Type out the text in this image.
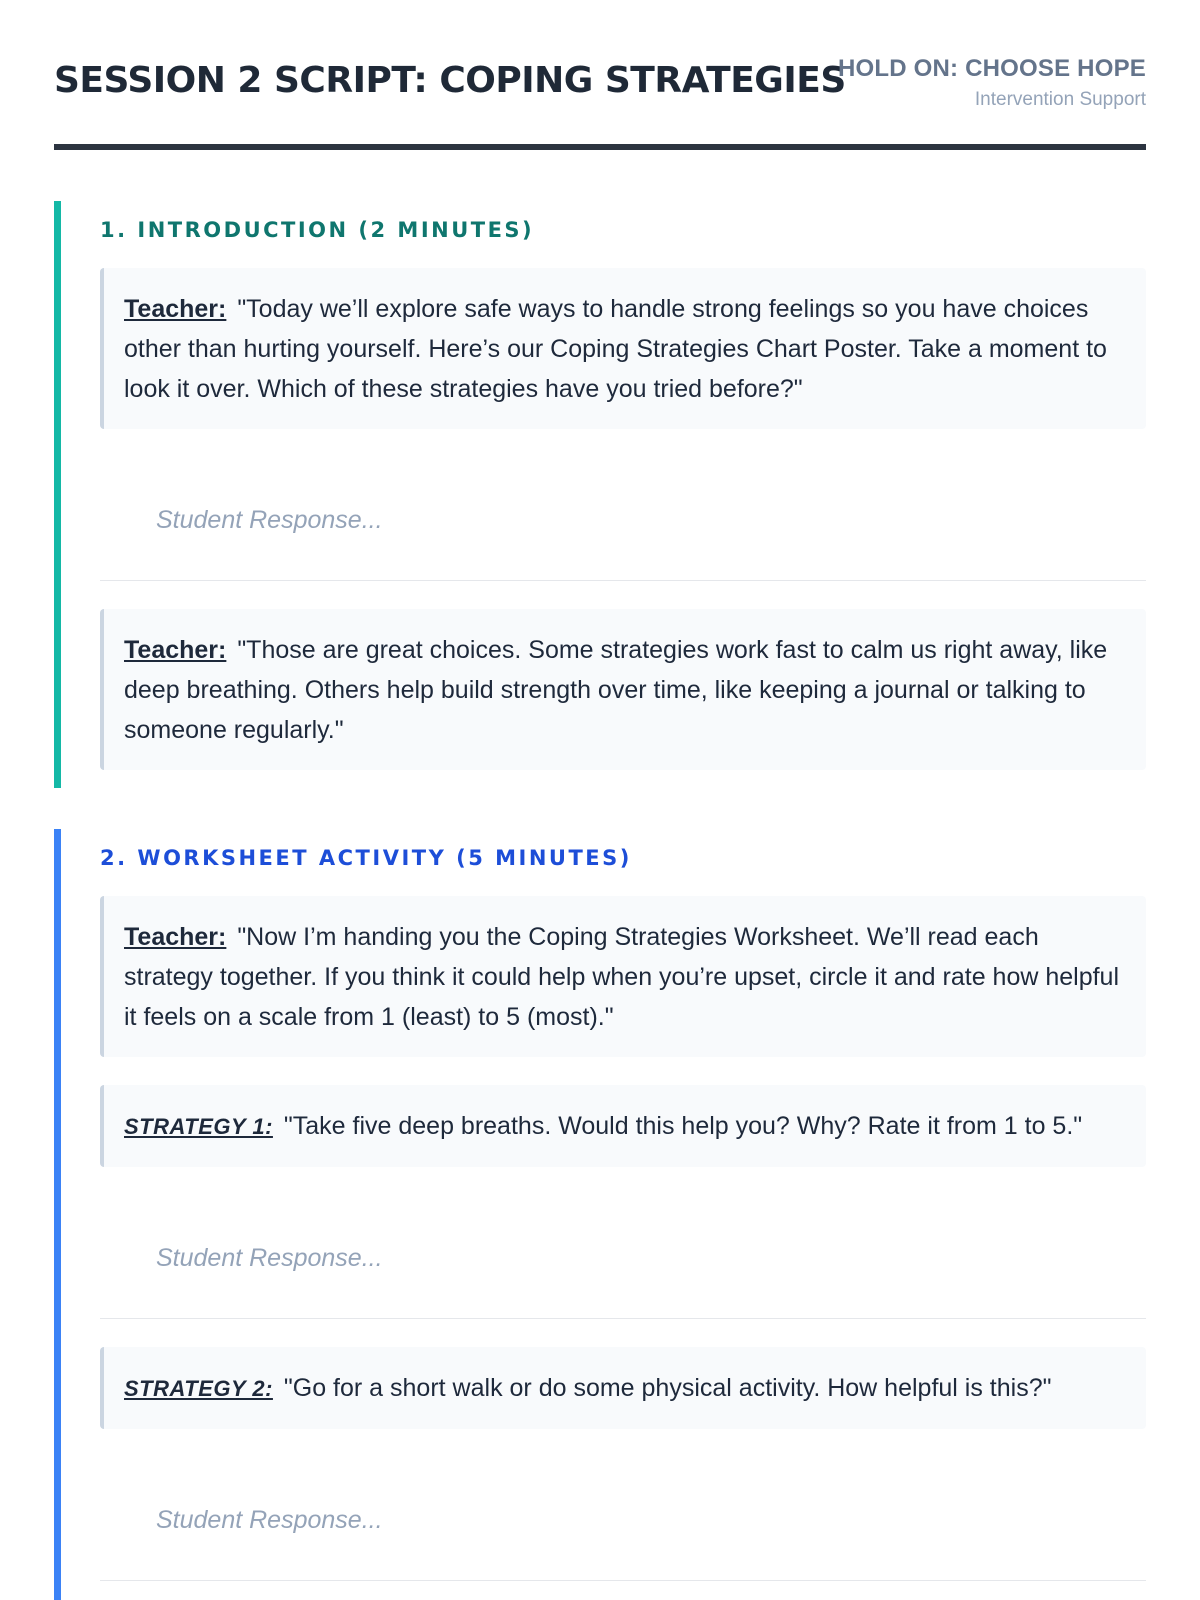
SESSION 2 SCRIPT: COPING STRATEGIES
HOLD ON: CHOOSE HOPE
Intervention Support
1. INTRODUCTION (2 MINUTES)
Teacher: "Today we’ll explore safe ways to handle strong feelings so you have choices other than hurting yourself. Here’s our Coping Strategies Chart Poster. Take a moment to look it over. Which of these strategies have you tried before?"
Student Response...
Teacher: "Those are great choices. Some strategies work fast to calm us right away, like deep breathing. Others help build strength over time, like keeping a journal or talking to someone regularly."
2. WORKSHEET ACTIVITY (5 MINUTES)
Teacher: "Now I’m handing you the Coping Strategies Worksheet. We’ll read each strategy together. If you think it could help when you’re upset, circle it and rate how helpful it feels on a scale from 1 (least) to 5 (most)."
STRATEGY 1: "Take five deep breaths. Would this help you? Why? Rate it from 1 to 5."
Student Response...
STRATEGY 2: "Go for a short walk or do some physical activity. How helpful is this?"
Student Response...
